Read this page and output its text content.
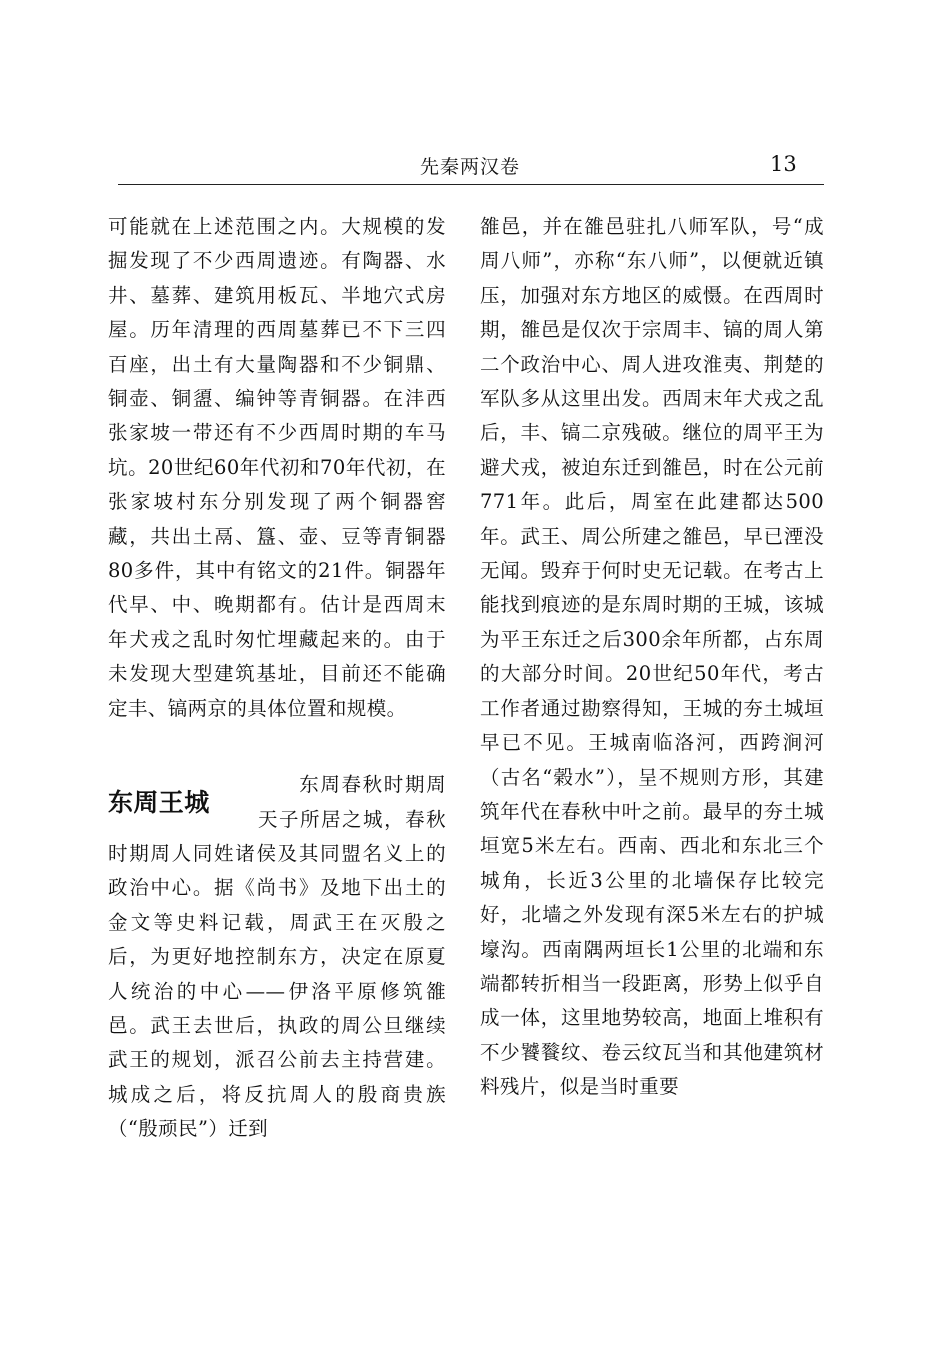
先秦两汉卷	13

可能就在上述范围之内。大规模的发掘发现了不少西周遗迹。有陶器、水井、墓葬、建筑用板瓦、半地穴式房屋。历年清理的西周墓葬已不下三四百座，出土有大量陶器和不少铜鼎、铜壶、铜盨、编钟等青铜器。在沣西张家坡一带还有不少西周时期的车马坑。20世纪60年代初和70年代初，在张家坡村东分别发现了两个铜器窖藏，共出土鬲、簋、壶、豆等青铜器80多件，其中有铭文的21件。铜器年代早、中、晚期都有。估计是西周末年犬戎之乱时匆忙埋藏起来的。由于未发现大型建筑基址，目前还不能确定丰、镐两京的具体位置和规模。

东周王城

东周春秋时期周天子所居之城，春秋时期周人同姓诸侯及其同盟名义上的政治中心。据《尚书》及地下出土的金文等史料记载，周武王在灭殷之后，为更好地控制东方，决定在原夏人统治的中心——伊洛平原修筑雒邑。武王去世后，执政的周公旦继续武王的规划，派召公前去主持营建。城成之后，将反抗周人的殷商贵族（“殷顽民”）迁到

雒邑，并在雒邑驻扎八师军队，号“成周八师”，亦称“东八师”，以便就近镇压，加强对东方地区的威慑。在西周时期，雒邑是仅次于宗周丰、镐的周人第二个政治中心、周人进攻淮夷、荆楚的军队多从这里出发。西周末年犬戎之乱后，丰、镐二京残破。继位的周平王为避犬戎，被迫东迁到雒邑，时在公元前771年。此后，周室在此建都达500年。武王、周公所建之雒邑，早已湮没无闻。毁弃于何时史无记载。在考古上能找到痕迹的是东周时期的王城，该城为平王东迁之后300余年所都，占东周的大部分时间。20世纪50年代，考古工作者通过勘察得知，王城的夯土城垣早已不见。王城南临洛河，西跨涧河（古名“榖水”），呈不规则方形，其建筑年代在春秋中叶之前。最早的夯土城垣宽5米左右。西南、西北和东北三个城角，长近3公里的北墙保存比较完好，北墙之外发现有深5米左右的护城壕沟。西南隅两垣长1公里的北端和东端都转折相当一段距离，形势上似乎自成一体，这里地势较高，地面上堆积有不少饕餮纹、卷云纹瓦当和其他建筑材料残片，似是当时重要
